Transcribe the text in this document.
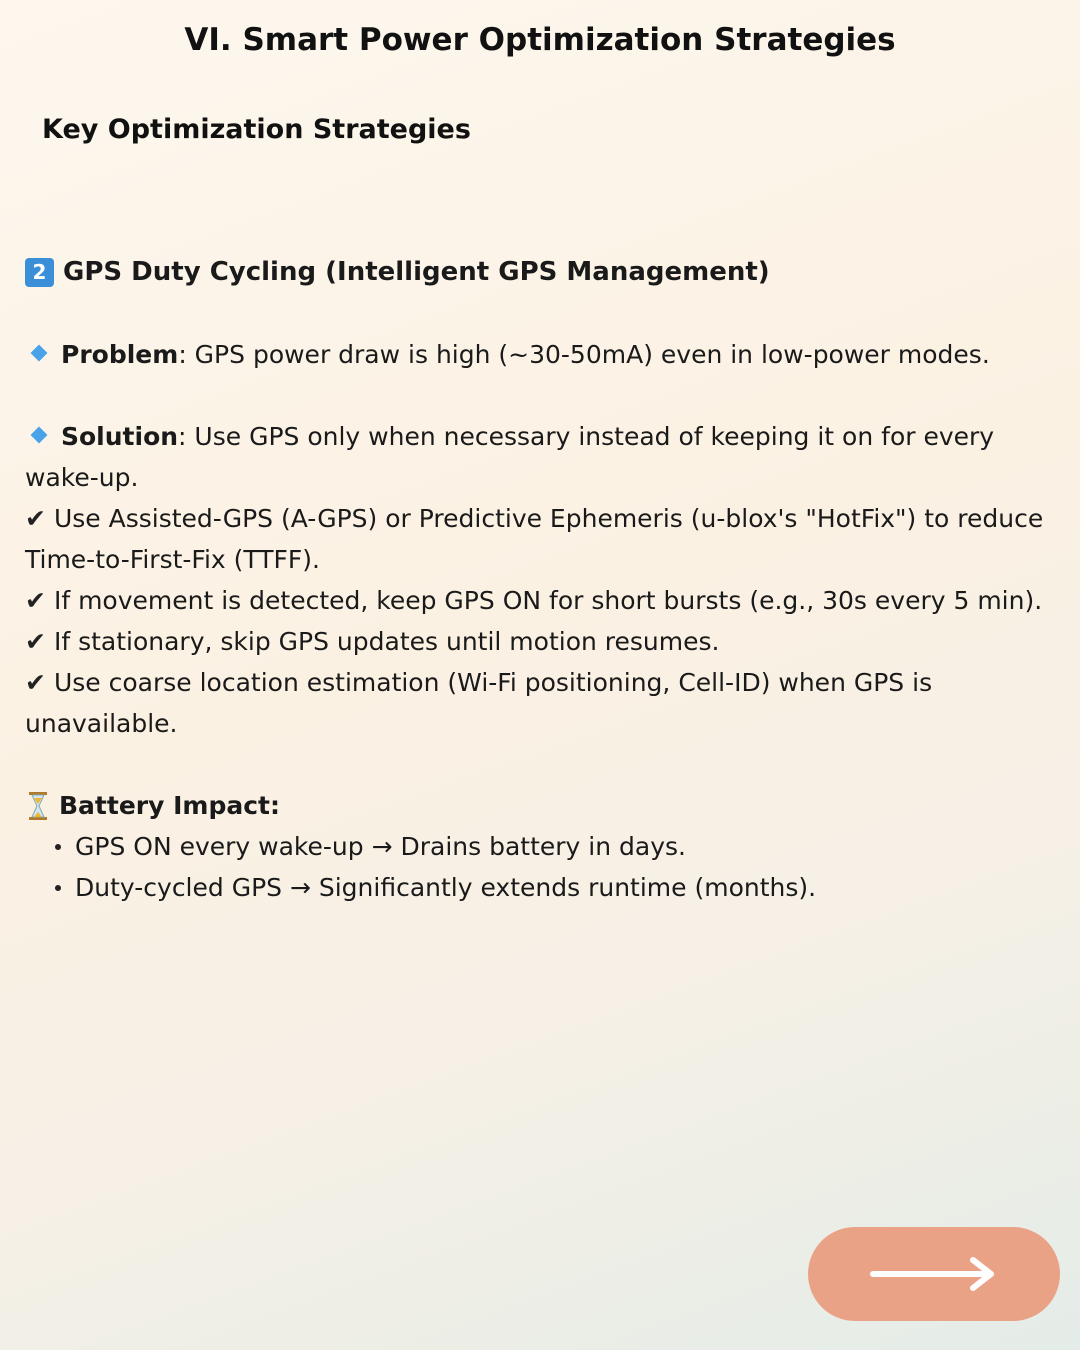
VI. Smart Power Optimization Strategies
Key Optimization Strategies
2 GPS Duty Cycling (Intelligent GPS Management)

Problem: GPS power draw is high (~30-50mA) even in low-power modes.

Solution: Use GPS only when necessary instead of keeping it on for every wake-up.

✔ Use Assisted-GPS (A-GPS) or Predictive Ephemeris (u-blox's "HotFix") to reduce Time-to-First-Fix (TTFF).

✔ If movement is detected, keep GPS ON for short bursts (e.g., 30s every 5 min).

✔ If stationary, skip GPS updates until motion resumes.

✔ Use coarse location estimation (Wi-Fi positioning, Cell-ID) when GPS is unavailable.

Battery Impact:
GPS ON every wake-up → Drains battery in days.
Duty-cycled GPS → Significantly extends runtime (months).
